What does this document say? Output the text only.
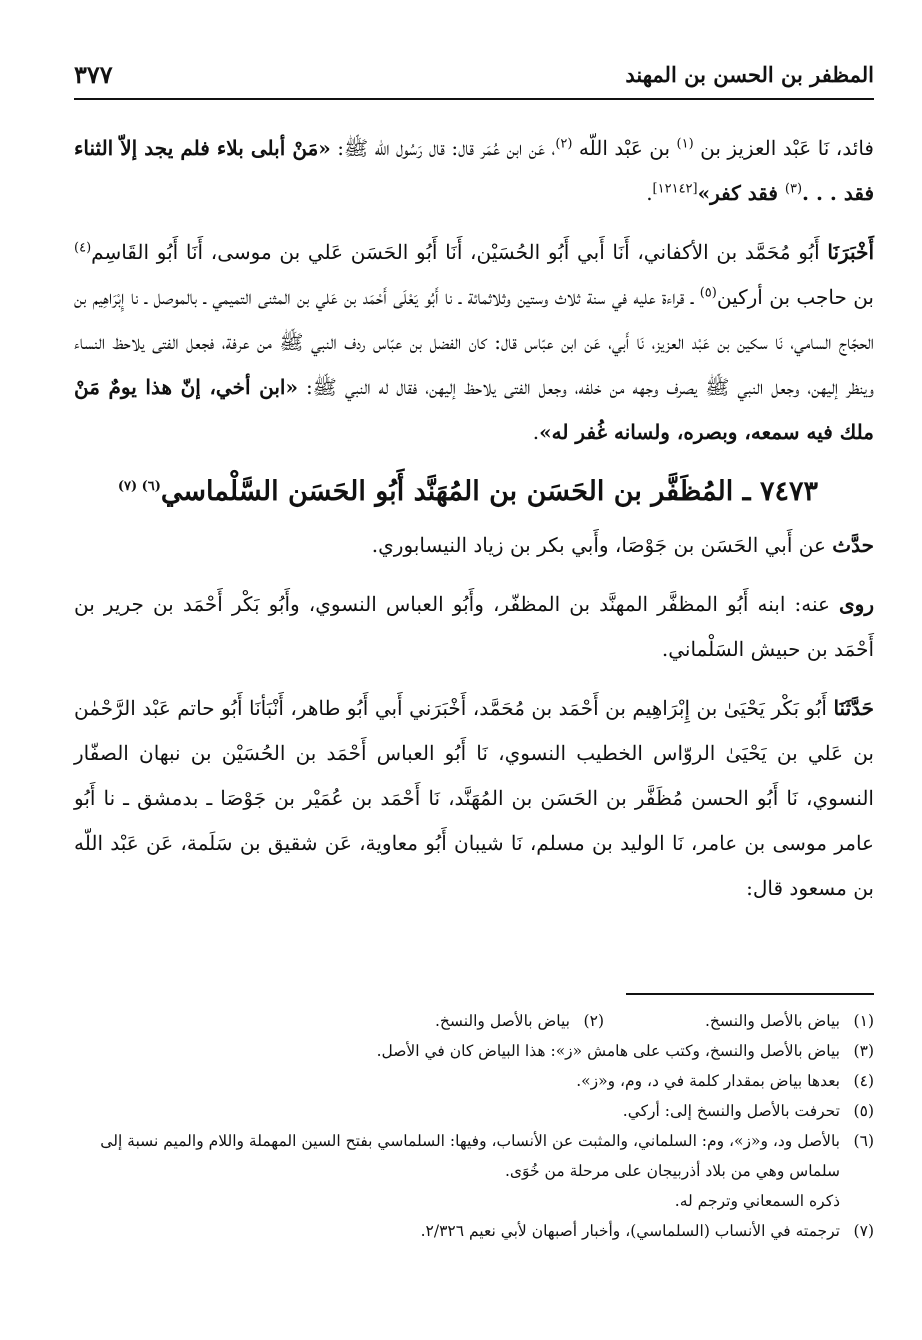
المظفر بن الحسن بن المهند
٣٧٧

فائد، نَا عَبْد العزيز بن $^{(١)}$ بن عَبْد اللّه $^{(٢)}$، عَن ابن عُمَر قال: قال رَسُول الله ﷺ: «مَنْ أبلى بلاء فلم يجد إلاّ الثناء فقد . . .$^{(٣)}$ فقد كفر»[١٢١٤٢].

أَخْبَرَنَا أَبُو مُحَمَّد بن الأكفاني، أَنَا أَبي أَبُو الحُسَيْن، أَنَا أَبُو الحَسَن عَلي بن موسى، أَنَا أَبُو القَاسِم$^{(٤)}$ بن حاجب بن أركين$^{(٥)}$ ـ قراءة عليه في سنة ثلاث وستين وثلاثمائة ـ نا أَبُو يَعْلَى أَحْمَد بن عَلي بن المثنى التميمي ـ بالموصل ـ نا إِبْرَاهِيم بن الحجّاج السامي، نَا سكين بن عَبْد العزيز، نَا أَبي، عَن ابن عبّاس قال: كان الفضل بن عبّاس ردف النبي ﷺ من عرفة، فجعل الفتى يلاحظ النساء وينظر إليهن، وجعل النبي ﷺ يصرف وجهه من خلفه، وجعل الفتى يلاحظ إليهن، فقال له النبي ﷺ: «ابن أخي، إنّ هذا يومٌ مَنْ ملك فيه سمعه، وبصره، ولسانه غُفر له».

٧٤٧٣ ـ المُظَفَّر بن الحَسَن بن المُهَنَّد أَبُو الحَسَن السَّلْماسي$^{(٦) (٧)}$

حدَّث عن أَبي الحَسَن بن جَوْصَا، وأَبي بكر بن زياد النيسابوري.

روى عنه: ابنه أَبُو المظفَّر المهنَّد بن المظفّر، وأَبُو العباس النسوي، وأَبُو بَكْر أَحْمَد بن جرير بن أَحْمَد بن حبيش السَلْماني.

حَدَّثَنَا أَبُو بَكْر يَحْيَىٰ بن إِبْرَاهِيم بن أَحْمَد بن مُحَمَّد، أَخْبَرَني أَبي أَبُو طاهر، أَنْبَأنَا أَبُو حاتم عَبْد الرَّحْمٰن بن عَلي بن يَحْيَىٰ الروّاس الخطيب النسوي، نَا أَبُو العباس أَحْمَد بن الحُسَيْن بن نبهان الصفّار النسوي، نَا أَبُو الحسن مُظَفَّر بن الحَسَن بن المُهَنَّد، نَا أَحْمَد بن عُمَيْر بن جَوْصَا ـ بدمشق ـ نا أَبُو عامر موسى بن عامر، نَا الوليد بن مسلم، نَا شيبان أَبُو معاوية، عَن شقيق بن سَلَمة، عَن عَبْد اللّه بن مسعود قال:

(١)
بياض بالأصل والنسخ.
(٢)
بياض بالأصل والنسخ.
(٣)
بياض بالأصل والنسخ، وكتب على هامش «ز»: هذا البياض كان في الأصل.
(٤)
بعدها بياض بمقدار كلمة في د، وم، و«ز».
(٥)
تحرفت بالأصل والنسخ إلى: أركي.
(٦)
بالأصل ود، و«ز»، وم: السلماني، والمثبت عن الأنساب، وفيها: السلماسي بفتح السين المهملة واللام والميم نسبة إلى سلماس وهي من بلاد أذربيجان على مرحلة من خُوَى.
ذكره السمعاني وترجم له.
(٧)
ترجمته في الأنساب (السلماسي)، وأخبار أصبهان لأبي نعيم ٢/٣٢٦.
